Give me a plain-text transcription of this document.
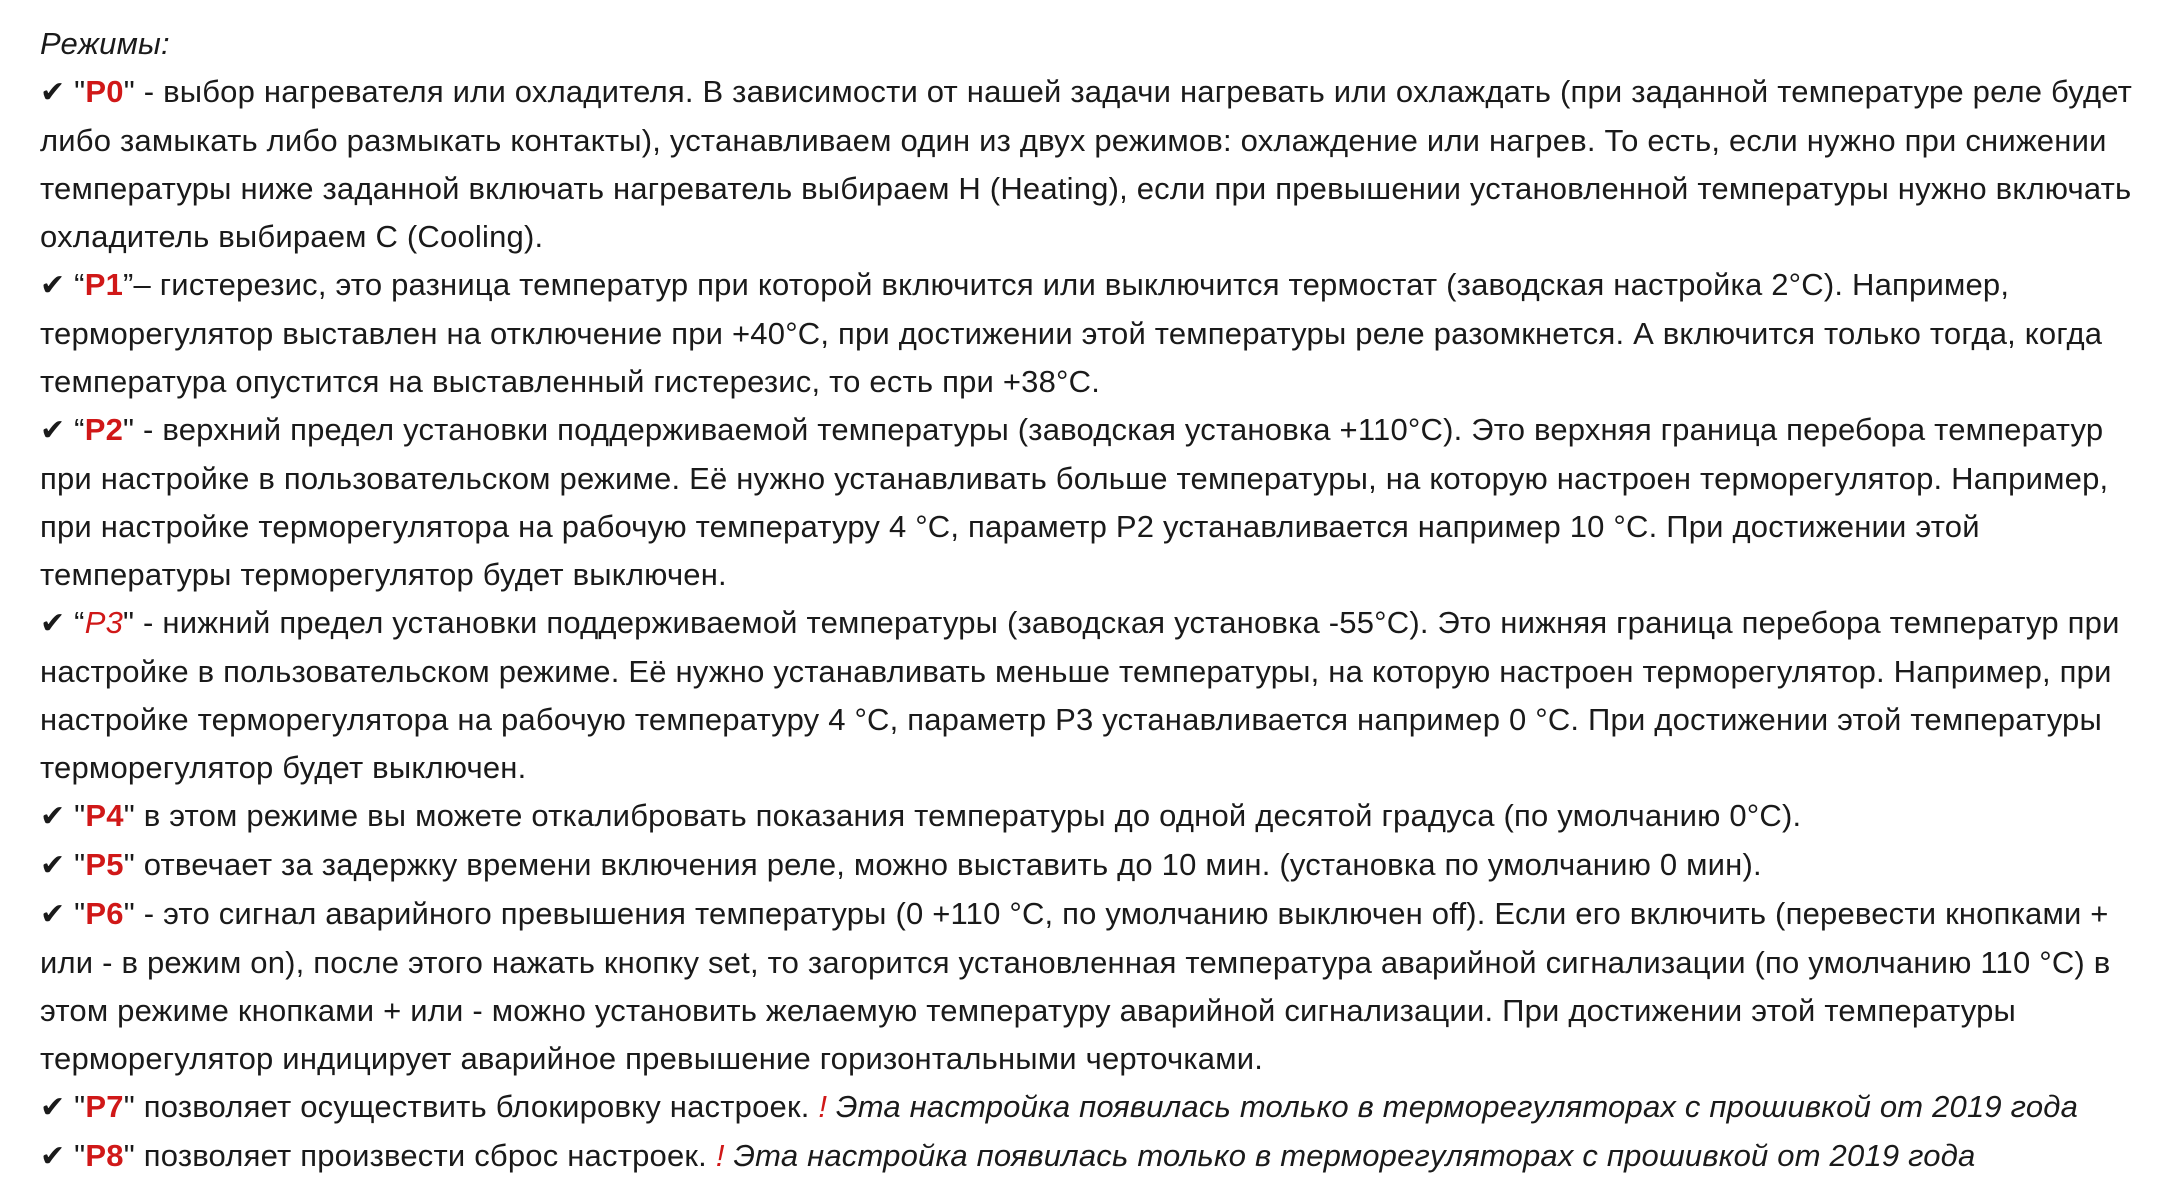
Режимы:

✔ "P0" - выбор нагревателя или охладителя. В зависимости от нашей задачи нагревать или охлаждать (при заданной температуре реле будет либо замыкать либо размыкать контакты), устанавливаем один из двух режимов: охлаждение или нагрев. То есть, если нужно при снижении температуры ниже заданной включать нагреватель выбираем Н (Heating), если при превышении установленной температуры нужно включать охладитель выбираем С (Cooling).

✔ “P1”– гистерезис, это разница температур при которой включится или выключится термостат (заводская настройка 2°С). Например, терморегулятор выставлен на отключение при +40°С, при достижении этой температуры реле разомкнется. А включится только тогда, когда температура опустится на выставленный гистерезис, то есть при +38°С.

✔ “P2" - верхний предел установки поддерживаемой температуры (заводская установка +110°С). Это верхняя граница перебора температур при настройке в пользовательском режиме. Её нужно устанавливать больше температуры, на которую настроен терморегулятор. Например, при настройке терморегулятора на рабочую температуру 4 °С, параметр Р2 устанавливается например 10 °С. При достижении этой температуры терморегулятор будет выключен.

✔ “P3" - нижний предел установки поддерживаемой температуры (заводская установка -55°С). Это нижняя граница перебора температур при настройке в пользовательском режиме. Её нужно устанавливать меньше температуры, на которую настроен терморегулятор. Например, при настройке терморегулятора на рабочую температуру 4 °С, параметр Р3 устанавливается например 0 °С. При достижении этой температуры терморегулятор будет выключен.

✔ "P4" в этом режиме вы можете откалибровать показания температуры до одной десятой градуса (по умолчанию 0°С).

✔ "P5" отвечает за задержку времени включения реле, можно выставить до 10 мин. (установка по умолчанию 0 мин).

✔ "P6" - это сигнал аварийного превышения температуры (0 +110 °С, по умолчанию выключен off). Если его включить (перевести кнопками + или - в режим on), после этого нажать кнопку set, то загорится установленная температура аварийной сигнализации (по умолчанию 110 °С) в этом режиме кнопками + или - можно установить желаемую температуру аварийной сигнализации. При достижении этой температуры терморегулятор индицирует аварийное превышение горизонтальными черточками.

✔ "P7" позволяет осуществить блокировку настроек. ! Эта настройка появилась только в терморегуляторах с прошивкой от 2019 года

✔ "P8" позволяет произвести сброс настроек. ! Эта настройка появилась только в терморегуляторах с прошивкой от 2019 года
